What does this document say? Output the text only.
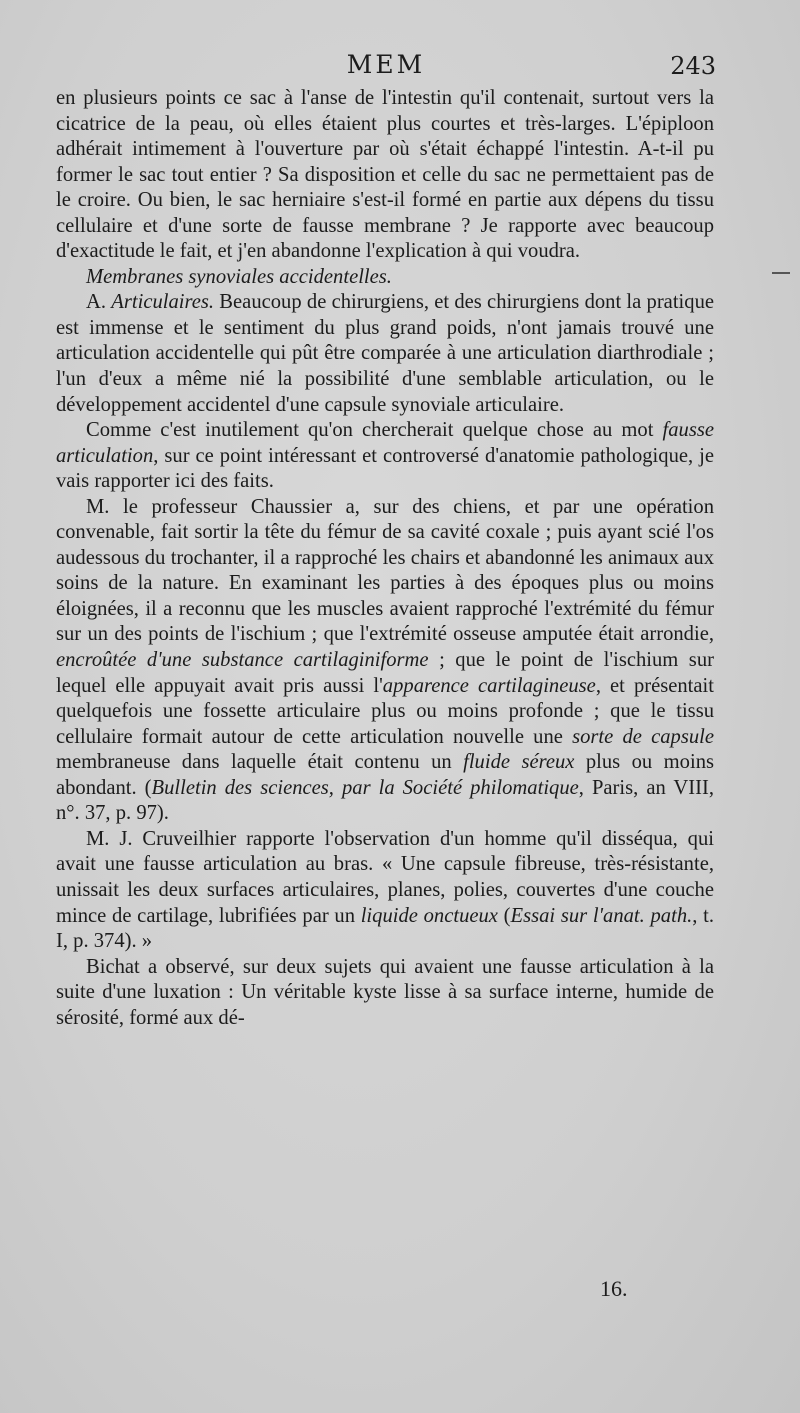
MEM	243

en plusieurs points ce sac à l'anse de l'intestin qu'il contenait, surtout vers la cicatrice de la peau, où elles étaient plus courtes et très-larges. L'épiploon adhérait intimement à l'ouverture par où s'était échappé l'intestin. A-t-il pu former le sac tout entier ? Sa disposition et celle du sac ne permettaient pas de le croire. Ou bien, le sac herniaire s'est-il formé en partie aux dépens du tissu cellulaire et d'une sorte de fausse membrane ? Je rapporte avec beaucoup d'exactitude le fait, et j'en abandonne l'explication à qui voudra.

Membranes synoviales accidentelles.

A. Articulaires. Beaucoup de chirurgiens, et des chirurgiens dont la pratique est immense et le sentiment du plus grand poids, n'ont jamais trouvé une articulation accidentelle qui pût être comparée à une articulation diarthrodiale ; l'un d'eux a même nié la possibilité d'une semblable articulation, ou le développement accidentel d'une capsule synoviale articulaire.

Comme c'est inutilement qu'on chercherait quelque chose au mot fausse articulation, sur ce point intéressant et controversé d'anatomie pathologique, je vais rapporter ici des faits.

M. le professeur Chaussier a, sur des chiens, et par une opération convenable, fait sortir la tête du fémur de sa cavité coxale ; puis ayant scié l'os audessous du trochanter, il a rapproché les chairs et abandonné les animaux aux soins de la nature. En examinant les parties à des époques plus ou moins éloignées, il a reconnu que les muscles avaient rapproché l'extrémité du fémur sur un des points de l'ischium ; que l'extrémité osseuse amputée était arrondie, encroûtée d'une substance cartilaginiforme ; que le point de l'ischium sur lequel elle appuyait avait pris aussi l'apparence cartilagineuse, et présentait quelquefois une fossette articulaire plus ou moins profonde ; que le tissu cellulaire formait autour de cette articulation nouvelle une sorte de capsule membraneuse dans laquelle était contenu un fluide séreux plus ou moins abondant. (Bulletin des sciences, par la Société philomatique, Paris, an VIII, n°. 37, p. 97).

M. J. Cruveilhier rapporte l'observation d'un homme qu'il disséqua, qui avait une fausse articulation au bras. « Une capsule fibreuse, très-résistante, unissait les deux surfaces articulaires, planes, polies, couvertes d'une couche mince de cartilage, lubrifiées par un liquide onctueux (Essai sur l'anat. path., t. I, p. 374). »

Bichat a observé, sur deux sujets qui avaient une fausse articulation à la suite d'une luxation : Un véritable kyste lisse à sa surface interne, humide de sérosité, formé aux dé-

16.
